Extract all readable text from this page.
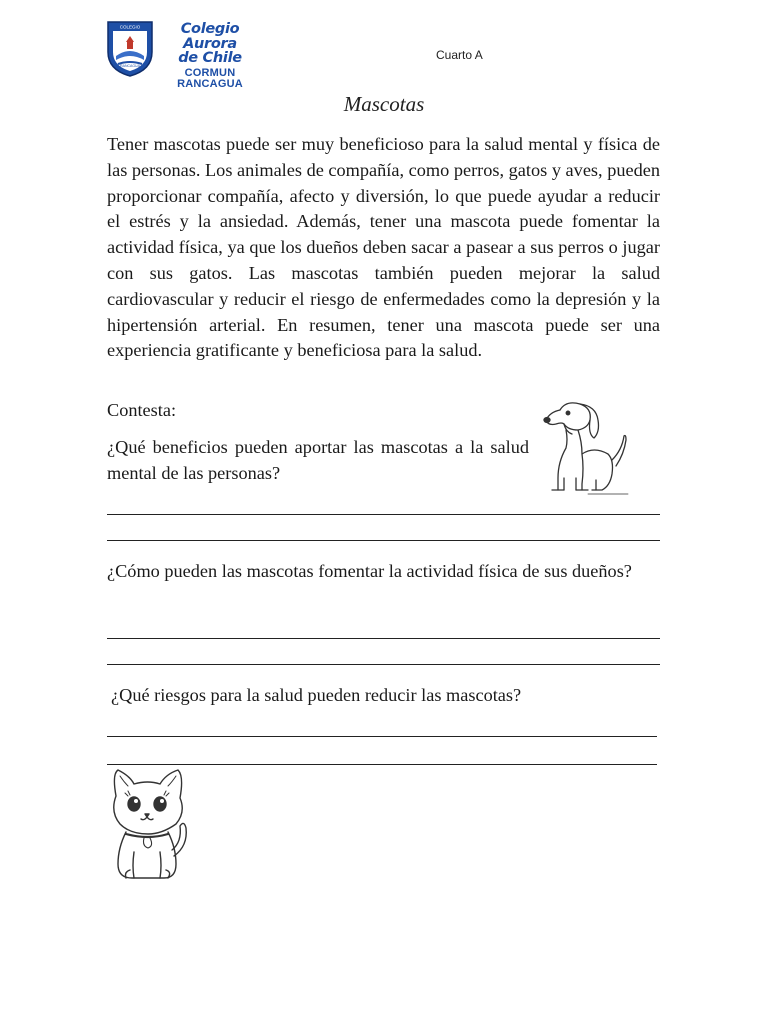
COLEGIO
RANCAGUA
Colegio Aurora
de Chile
CORMUN RANCAGUA
Cuarto A
Mascotas

Tener mascotas puede ser muy beneficioso para la salud mental y física de las personas. Los animales de compañía, como perros, gatos y aves, pueden proporcionar compañía, afecto y diversión, lo que puede ayudar a reducir el estrés y la ansiedad. Además, tener una mascota puede fomentar la actividad física, ya que los dueños deben sacar a pasear a sus perros o jugar con sus gatos. Las mascotas también pueden mejorar la salud cardiovascular y reducir el riesgo de enfermedades como la depresión y la hipertensión arterial. En resumen, tener una mascota puede ser una experiencia gratificante y beneficiosa para la salud.

Contesta:

¿Qué beneficios pueden aportar las mascotas a la salud mental de las personas?

¿Cómo pueden las mascotas fomentar la actividad física de sus dueños?

¿Qué riesgos para la salud pueden reducir las mascotas?
